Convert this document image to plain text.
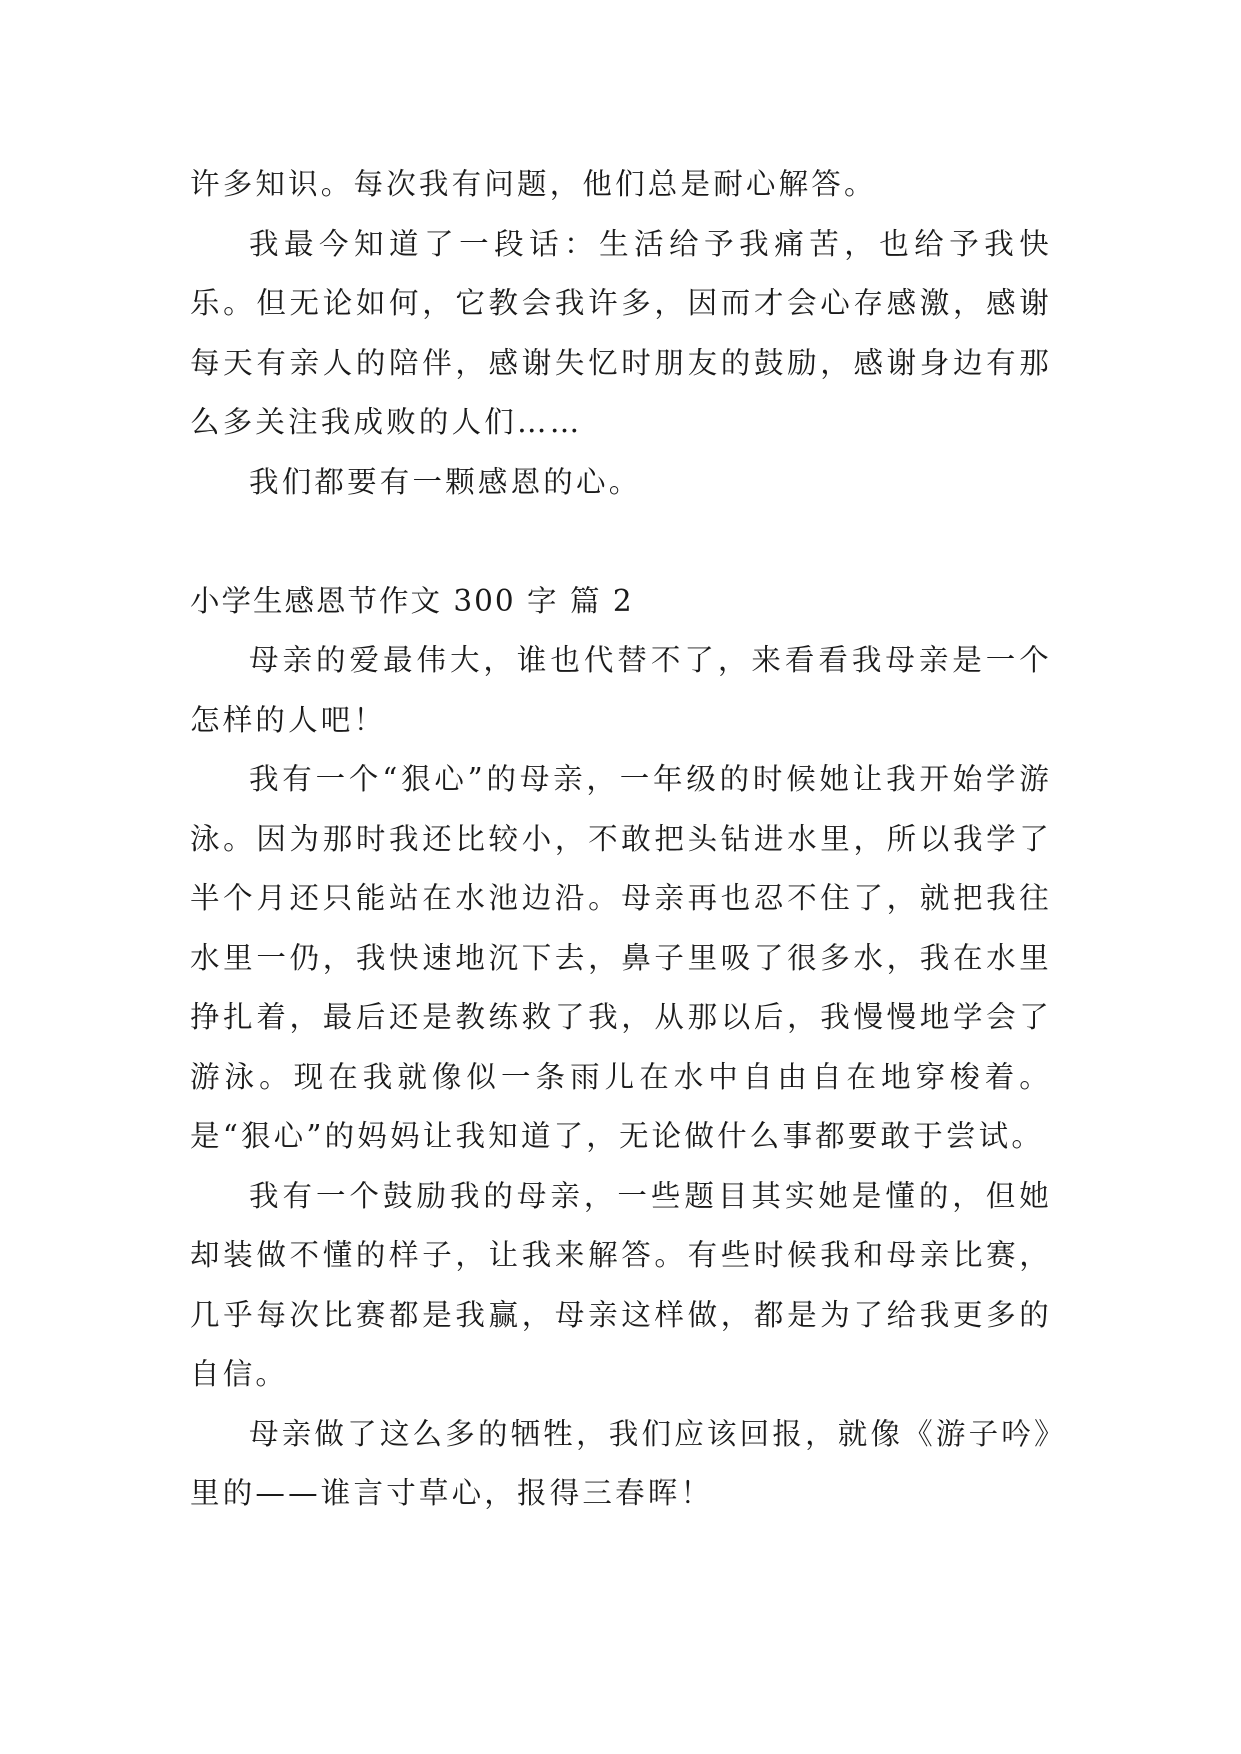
许多知识。每次我有问题，他们总是耐心解答。

我最今知道了一段话：生活给予我痛苦，也给予我快乐。但无论如何，它教会我许多，因而才会心存感激，感谢每天有亲人的陪伴，感谢失忆时朋友的鼓励，感谢身边有那么多关注我成败的人们……

我们都要有一颗感恩的心。

小学生感恩节作文 300 字 篇 2

母亲的爱最伟大，谁也代替不了，来看看我母亲是一个怎样的人吧！

我有一个“狠心”的母亲，一年级的时候她让我开始学游泳。因为那时我还比较小，不敢把头钻进水里，所以我学了半个月还只能站在水池边沿。母亲再也忍不住了，就把我往水里一仍，我快速地沉下去，鼻子里吸了很多水，我在水里挣扎着，最后还是教练救了我，从那以后，我慢慢地学会了游泳。现在我就像似一条雨儿在水中自由自在地穿梭着。是“狠心”的妈妈让我知道了，无论做什么事都要敢于尝试。

我有一个鼓励我的母亲，一些题目其实她是懂的，但她却装做不懂的样子，让我来解答。有些时候我和母亲比赛，几乎每次比赛都是我赢，母亲这样做，都是为了给我更多的自信。

母亲做了这么多的牺牲，我们应该回报，就像《游子吟》里的——谁言寸草心，报得三春晖！
